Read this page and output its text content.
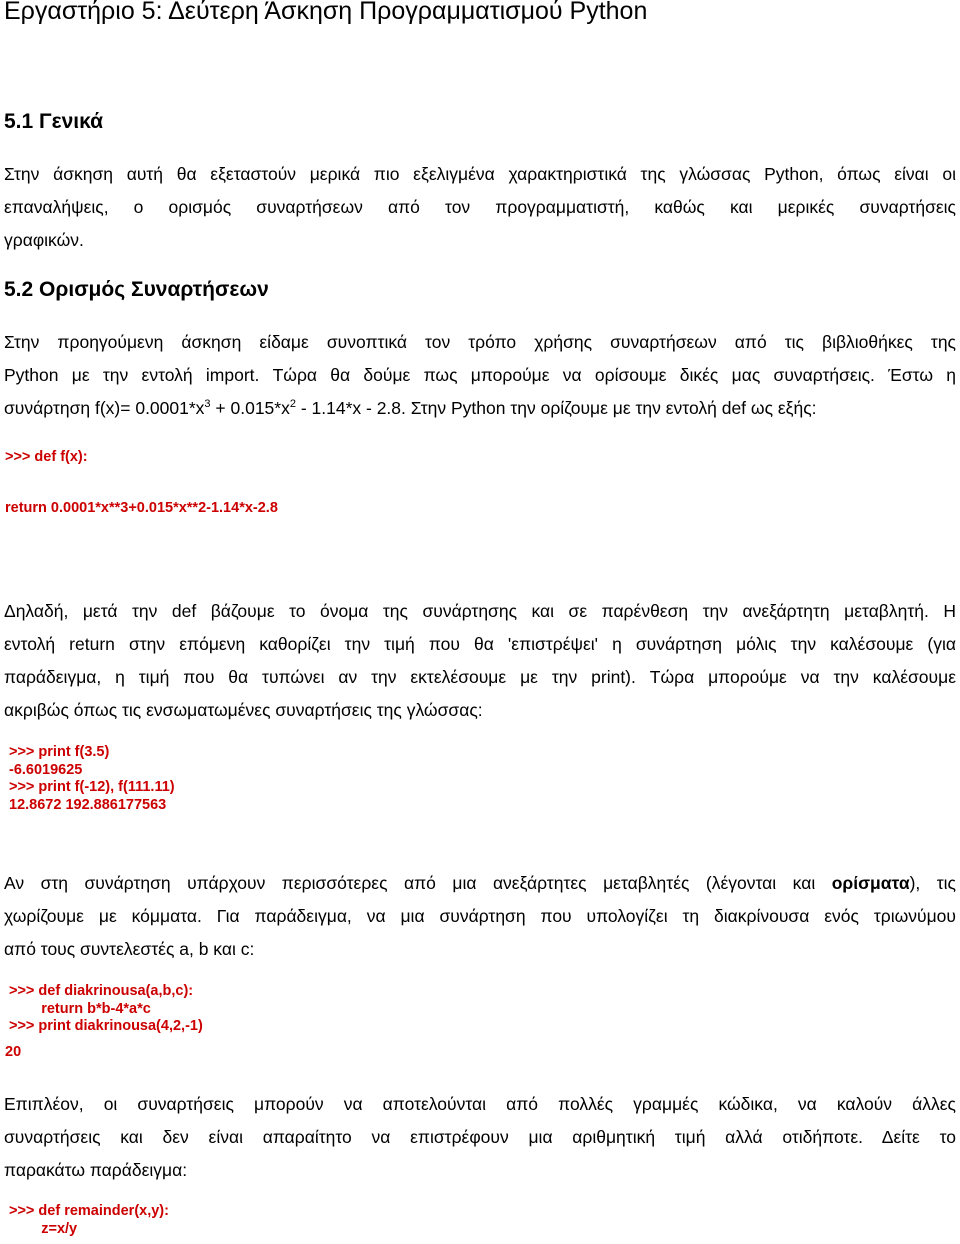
Εργαστήριο 5: Δεύτερη Άσκηση Προγραμματισμού Python
5.1 Γενικά

Στην άσκηση αυτή θα εξεταστούν μερικά πιο εξελιγμένα χαρακτηριστικά της γλώσσας Python, όπως είναι οι
επαναλήψεις, ο ορισμός συναρτήσεων από τον προγραμματιστή, καθώς και μερικές συναρτήσεις
γραφικών.

5.2 Ορισμός Συναρτήσεων

Στην προηγούμενη άσκηση είδαμε συνοπτικά τον τρόπο χρήσης συναρτήσεων από τις βιβλιοθήκες της
Python με την εντολή import. Τώρα θα δούμε πως μπορούμε να ορίσουμε δικές μας συναρτήσεις. Έστω η
συνάρτηση $f(x)= 0.0001*x^3 + 0.015*x^2 - 1.14*x - 2.8$. Στην Python την ορίζουμε με την εντολή def ως εξής:

>>> def f(x):
return 0.0001*x**3+0.015*x**2-1.14*x-2.8

Δηλαδή, μετά την def βάζουμε το όνομα της συνάρτησης και σε παρένθεση την ανεξάρτητη μεταβλητή. Η
εντολή return στην επόμενη καθορίζει την τιμή που θα 'επιστρέψει' η συνάρτηση μόλις την καλέσουμε (για
παράδειγμα, η τιμή που θα τυπώνει αν την εκτελέσουμε με την print). Τώρα μπορούμε να την καλέσουμε
ακριβώς όπως τις ενσωματωμένες συναρτήσεις της γλώσσας:

>>> print f(3.5)
-6.6019625
>>> print f(-12), f(111.11)
12.8672 192.886177563

Αν στη συνάρτηση υπάρχουν περισσότερες από μια ανεξάρτητες μεταβλητές (λέγονται και ορίσματα), τις
χωρίζουμε με κόμματα. Για παράδειγμα, να μια συνάρτηση που υπολογίζει τη διακρίνουσα ενός τριωνύμου
από τους συντελεστές a, b και c:

>>> def diakrinousa(a,b,c):
return b*b-4*a*c
>>> print diakrinousa(4,2,-1)
20

Επιπλέον, οι συναρτήσεις μπορούν να αποτελούνται από πολλές γραμμές κώδικα, να καλούν άλλες
συναρτήσεις και δεν είναι απαραίτητο να επιστρέφουν μια αριθμητική τιμή αλλά οτιδήποτε. Δείτε το
παρακάτω παράδειγμα:

>>> def remainder(x,y):
z=x/y
